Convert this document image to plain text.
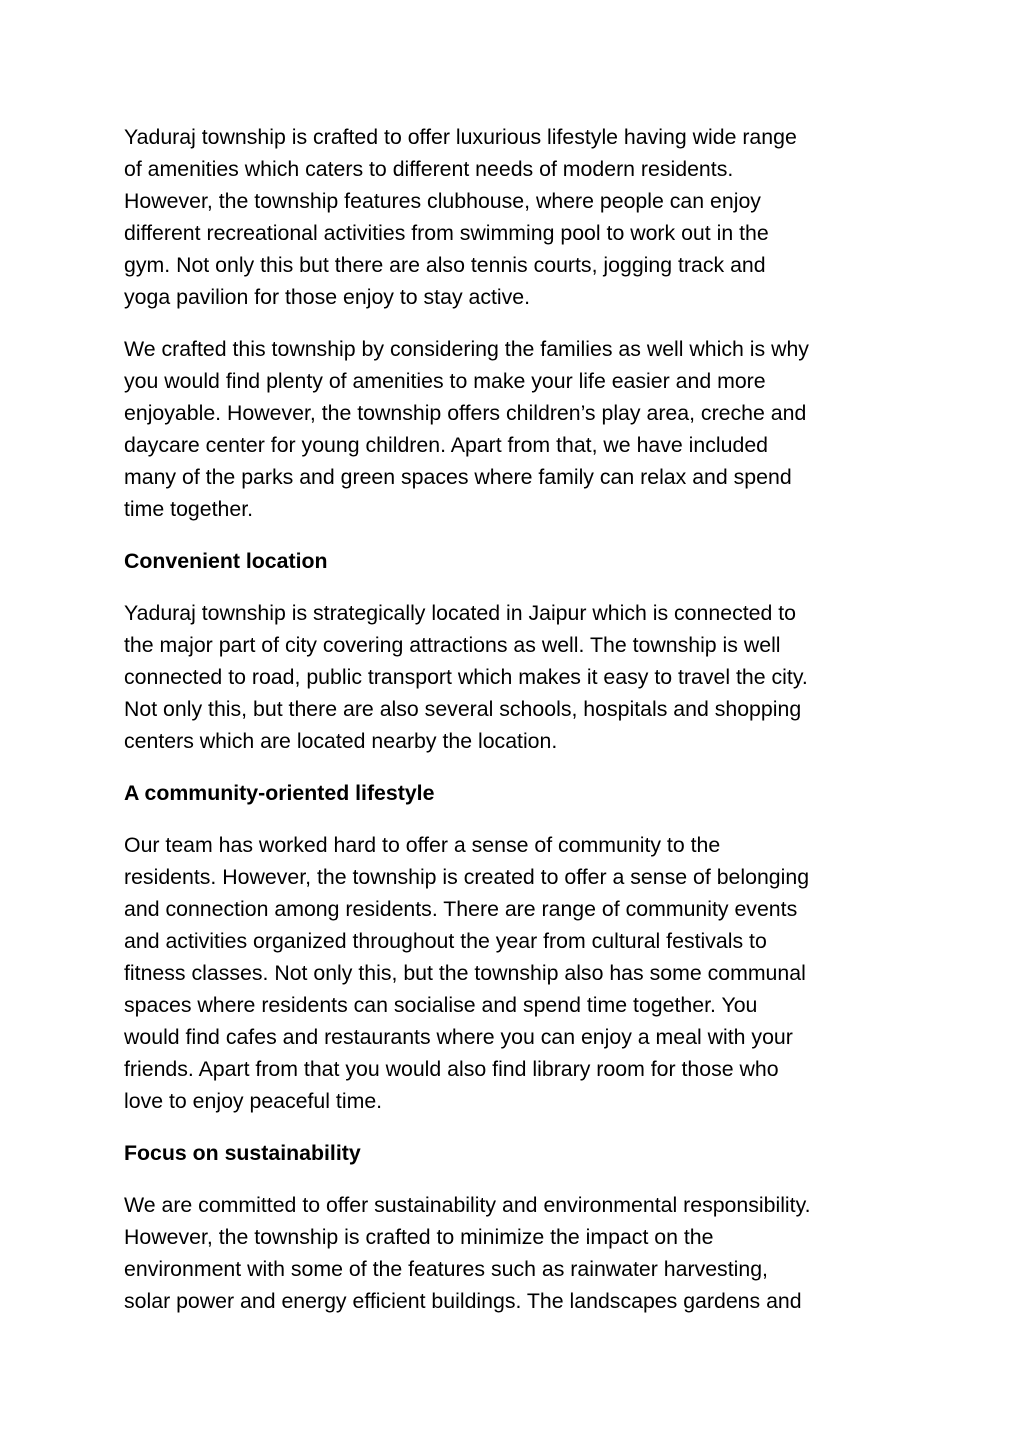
Yaduraj township is crafted to offer luxurious lifestyle having wide range
of amenities which caters to different needs of modern residents.
However, the township features clubhouse, where people can enjoy
different recreational activities from swimming pool to work out in the
gym. Not only this but there are also tennis courts, jogging track and
yoga pavilion for those enjoy to stay active.

We crafted this township by considering the families as well which is why
you would find plenty of amenities to make your life easier and more
enjoyable. However, the township offers children’s play area, creche and
daycare center for young children. Apart from that, we have included
many of the parks and green spaces where family can relax and spend
time together.

Convenient location

Yaduraj township is strategically located in Jaipur which is connected to
the major part of city covering attractions as well. The township is well
connected to road, public transport which makes it easy to travel the city.
Not only this, but there are also several schools, hospitals and shopping
centers which are located nearby the location.

A community-oriented lifestyle

Our team has worked hard to offer a sense of community to the
residents. However, the township is created to offer a sense of belonging
and connection among residents. There are range of community events
and activities organized throughout the year from cultural festivals to
fitness classes. Not only this, but the township also has some communal
spaces where residents can socialise and spend time together. You
would find cafes and restaurants where you can enjoy a meal with your
friends. Apart from that you would also find library room for those who
love to enjoy peaceful time.

Focus on sustainability

We are committed to offer sustainability and environmental responsibility.
However, the township is crafted to minimize the impact on the
environment with some of the features such as rainwater harvesting,
solar power and energy efficient buildings. The landscapes gardens and
